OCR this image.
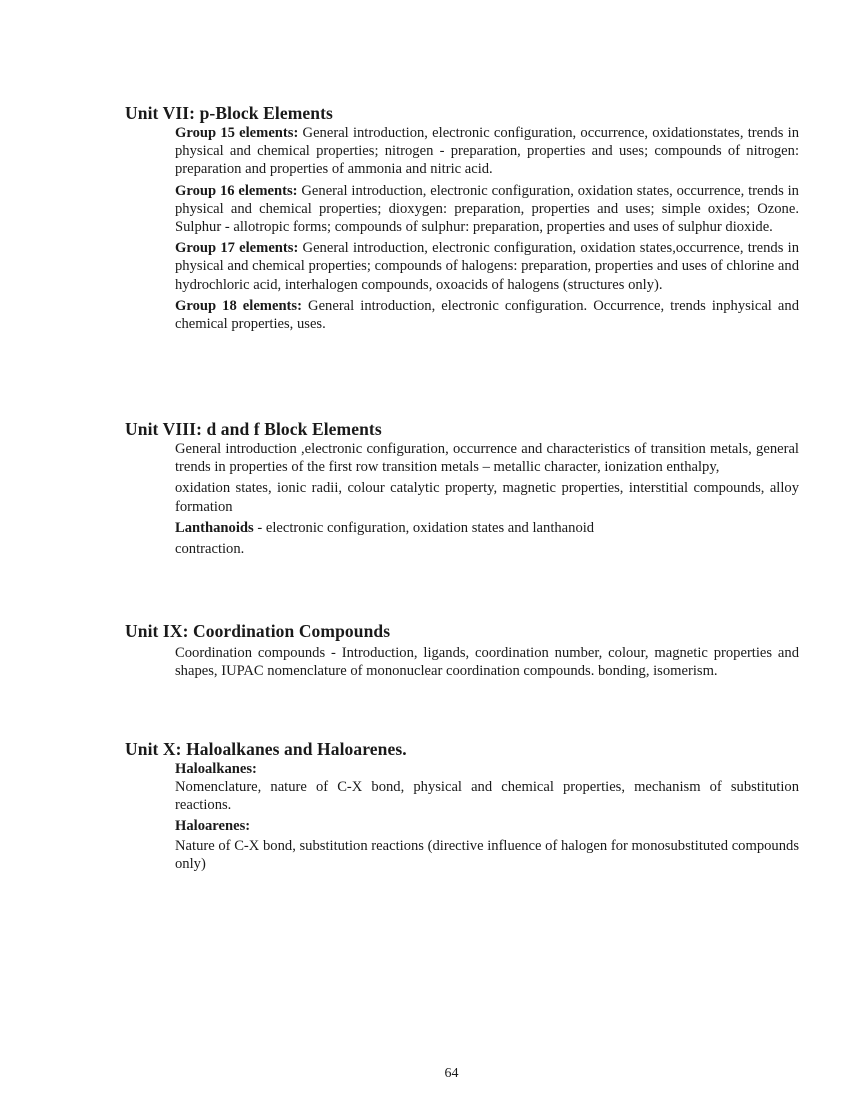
Unit VII: p-Block Elements

Group 15 elements: General introduction, electronic configuration, occurrence, oxidationstates, trends in physical and chemical properties; nitrogen - preparation, properties and uses; compounds of nitrogen: preparation and properties of ammonia and nitric acid.

Group 16 elements: General introduction, electronic configuration, oxidation states, occurrence, trends in physical and chemical properties; dioxygen: preparation, properties and uses; simple oxides; Ozone. Sulphur - allotropic forms; compounds of sulphur: preparation, properties and uses of sulphur dioxide.

Group 17 elements: General introduction, electronic configuration, oxidation states,occurrence, trends in physical and chemical properties; compounds of halogens: preparation, properties and uses of chlorine and hydrochloric acid, interhalogen compounds, oxoacids of halogens (structures only).

Group 18 elements: General introduction, electronic configuration. Occurrence, trends inphysical and chemical properties, uses.

Unit VIII: d and f Block Elements

General introduction ,electronic configuration, occurrence and characteristics of transition metals, general trends in properties of the first row transition metals – metallic character, ionization enthalpy,

oxidation states, ionic radii, colour catalytic property, magnetic properties, interstitial compounds, alloy formation

Lanthanoids - electronic configuration, oxidation states and lanthanoid

contraction.

Unit IX: Coordination Compounds

Coordination compounds - Introduction, ligands, coordination number, colour, magnetic properties and shapes, IUPAC nomenclature of mononuclear coordination compounds. bonding, isomerism.

Unit X: Haloalkanes and Haloarenes.

Haloalkanes:

Nomenclature, nature of C-X bond, physical and chemical properties, mechanism of substitution reactions.

Haloarenes:

Nature of C-X bond, substitution reactions (directive influence of halogen for monosubstituted compounds only)

64
